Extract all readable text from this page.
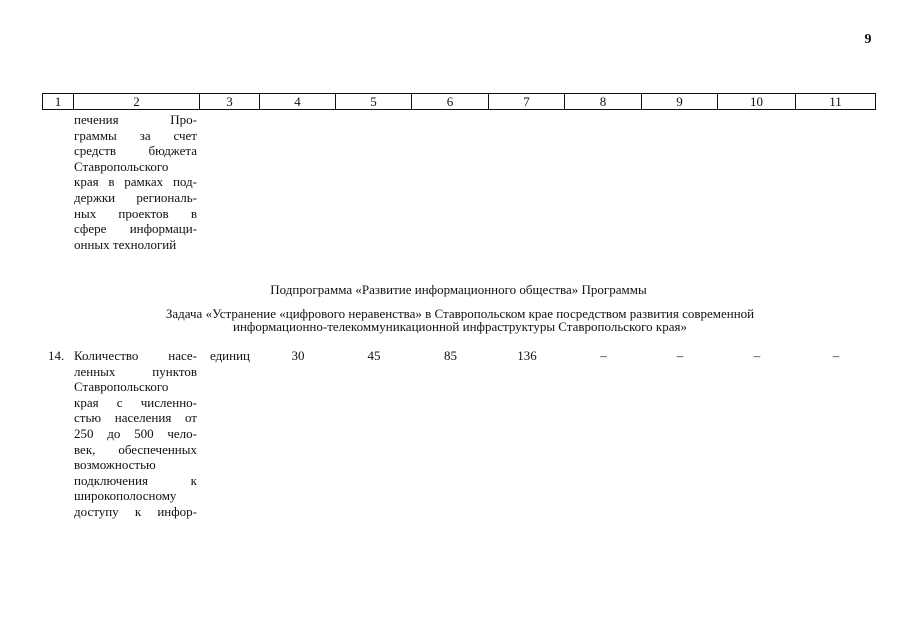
9
1	2	3	4	5	6	7	8	9	10	11
печения Про-
граммы за счет
средств бюджета
Ставропольского
края в рамках под-
держки региональ-
ных проектов в
сфере информаци-
онных технологий
Подпрограмма «Развитие информационного общества» Программы
Задача «Устранение «цифрового неравенства» в Ставропольском крае посредством развития современной
информационно-телекоммуникационной инфраструктуры Ставропольского края»
14. Количество насе-
ленных пунктов
Ставропольского
края с численно-
стью населения от
250 до 500 чело-
век, обеспеченных
возможностью
подключения к
широкополосному
доступу к инфор-
единиц	30	45	85	136	–	–	–	–
